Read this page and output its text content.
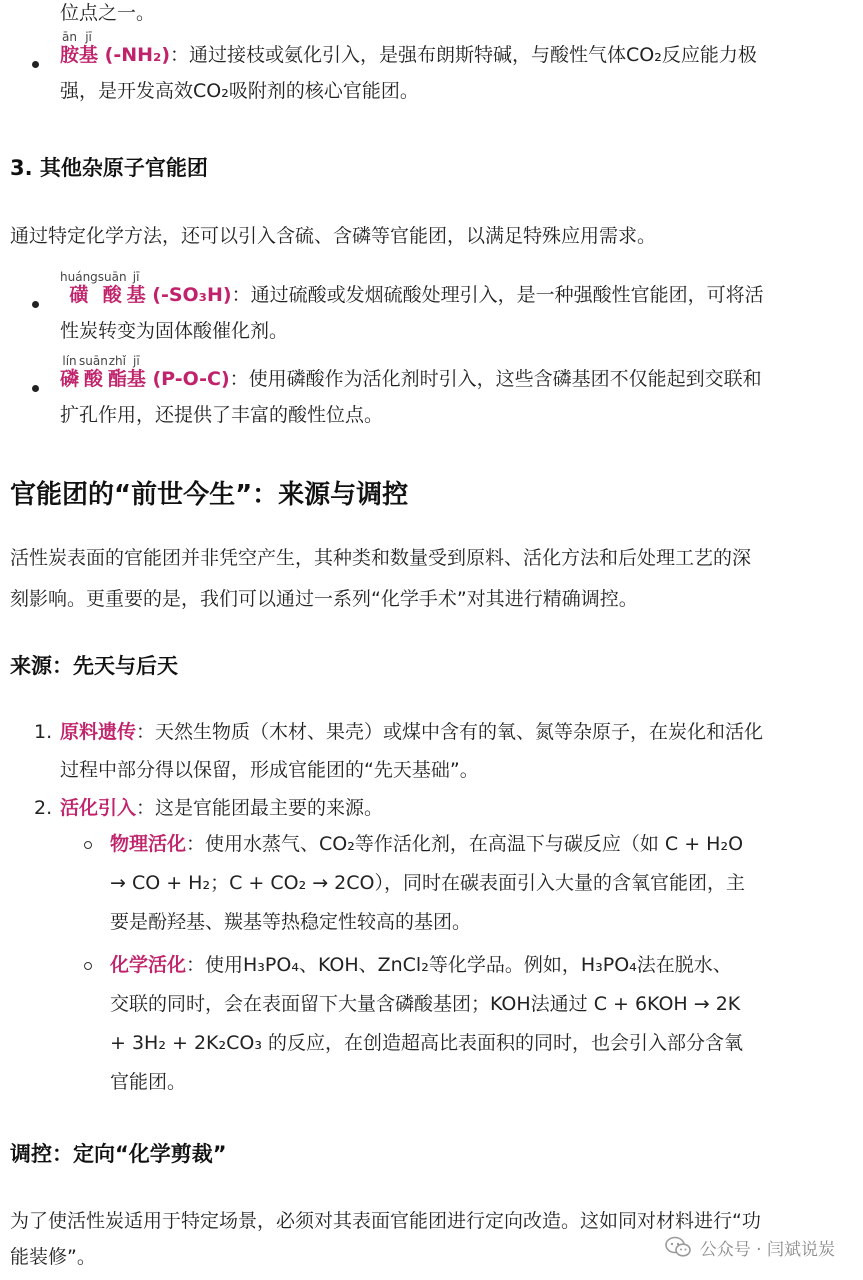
位点之一。
胺ān基jī (-NH₂)：通过接枝或氨化引入，是强布朗斯特碱，与酸性气体CO₂反应能力极
强，是开发高效CO₂吸附剂的核心官能团。
3. 其他杂原子官能团

通过特定化学方法，还可以引入含硫、含磷等官能团，以满足特殊应用需求。

磺huáng酸suān基jī (-SO₃H)：通过硫酸或发烟硫酸处理引入，是一种强酸性官能团，可将活
性炭转变为固体酸催化剂。
磷lín酸suān酯zhǐ基jī (P-O-C)：使用磷酸作为活化剂时引入，这些含磷基团不仅能起到交联和
扩孔作用，还提供了丰富的酸性位点。
官能团的“前世今生”：来源与调控

活性炭表面的官能团并非凭空产生，其种类和数量受到原料、活化方法和后处理工艺的深

刻影响。更重要的是，我们可以通过一系列“化学手术”对其进行精确调控。

来源：先天与后天
1. 原料遗传：天然生物质（木材、果壳）或煤中含有的氧、氮等杂原子，在炭化和活化
过程中部分得以保留，形成官能团的“先天基础”。
2. 活化引入：这是官能团最主要的来源。
物理活化：使用水蒸气、CO₂等作活化剂，在高温下与碳反应（如 C + H₂O
→ CO + H₂；C + CO₂ → 2CO），同时在碳表面引入大量的含氧官能团，主
要是酚羟基、羰基等热稳定性较高的基团。
化学活化：使用H₃PO₄、KOH、ZnCl₂等化学品。例如，H₃PO₄法在脱水、
交联的同时，会在表面留下大量含磷酸基团；KOH法通过 C + 6KOH → 2K
+ 3H₂ + 2K₂CO₃ 的反应，在创造超高比表面积的同时，也会引入部分含氧
官能团。
调控：定向“化学剪裁”

为了使活性炭适用于特定场景，必须对其表面官能团进行定向改造。这如同对材料进行“功

能装修”。	公众号 · 闫斌说炭
